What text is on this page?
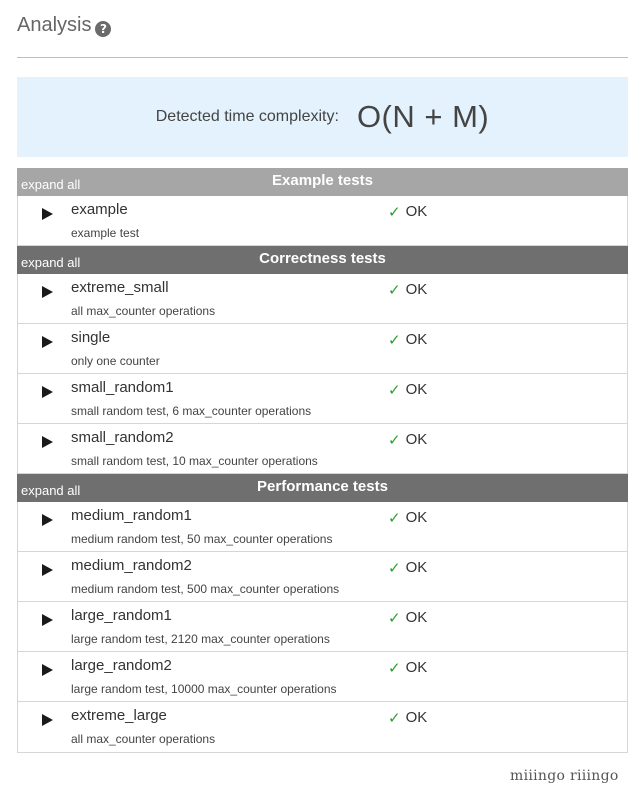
Analysis ?
Detected time complexity: O(N + M)
expand all	Example tests
example
example test
✓ OK
expand all	Correctness tests
extreme_small
all max_counter operations
✓ OK
single
only one counter
✓ OK
small_random1
small random test, 6 max_counter operations
✓ OK
small_random2
small random test, 10 max_counter operations
✓ OK
expand all	Performance tests
medium_random1
medium random test, 50 max_counter operations
✓ OK
medium_random2
medium random test, 500 max_counter operations
✓ OK
large_random1
large random test, 2120 max_counter operations
✓ OK
large_random2
large random test, 10000 max_counter operations
✓ OK
extreme_large
all max_counter operations
✓ OK
miiingo riiingo
